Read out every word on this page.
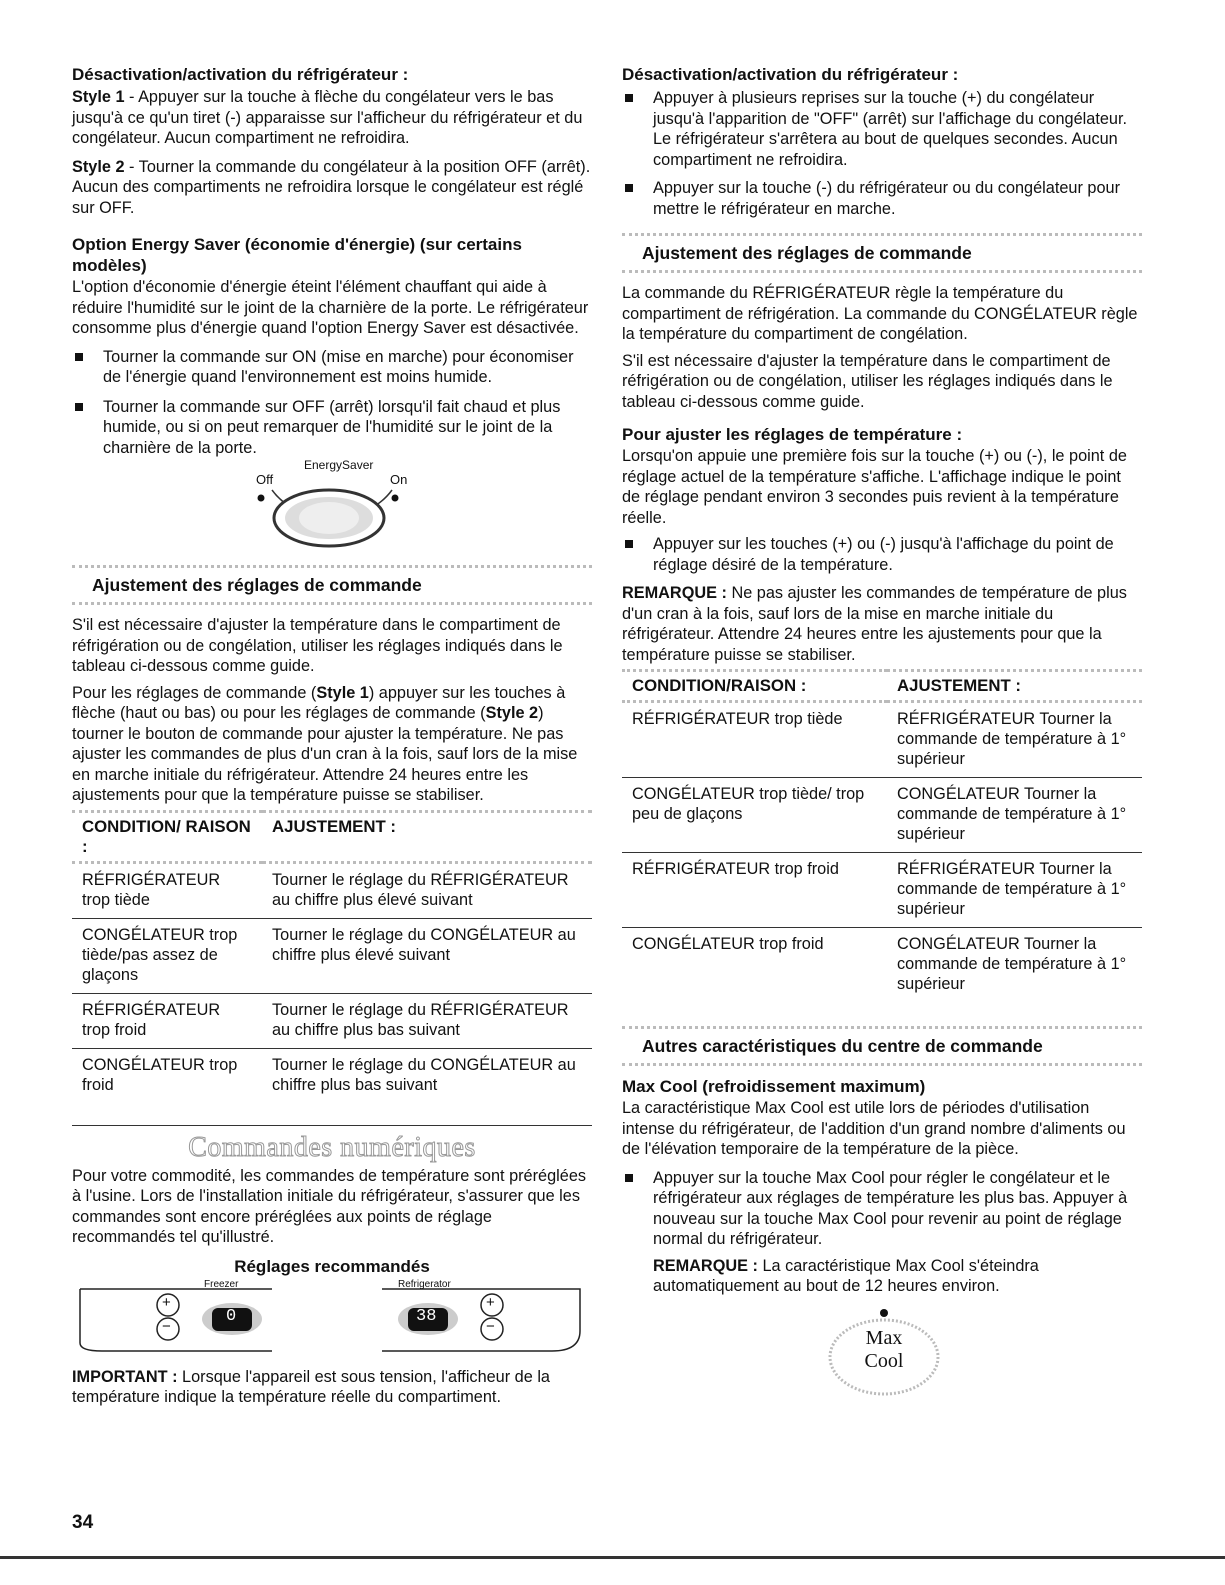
Désactivation/activation du réfrigérateur :

Style 1 - Appuyer sur la touche à flèche du congélateur vers le bas jusqu'à ce qu'un tiret (-) apparaisse sur l'afficheur du réfrigérateur et du congélateur. Aucun compartiment ne refroidira.

Style 2 - Tourner la commande du congélateur à la position OFF (arrêt). Aucun des compartiments ne refroidira lorsque le congélateur est réglé sur OFF.

Option Energy Saver (économie d'énergie) (sur certains modèles)

L'option d'économie d'énergie éteint l'élément chauffant qui aide à réduire l'humidité sur le joint de la charnière de la porte. Le réfrigérateur consomme plus d'énergie quand l'option Energy Saver est désactivée.

Tourner la commande sur ON (mise en marche) pour économiser de l'énergie quand l'environnement est moins humide.
Tourner la commande sur OFF (arrêt) lorsqu'il fait chaud et plus humide, ou si on peut remarquer de l'humidité sur le joint de la charnière de la porte.
EnergySaver
Off	On
Ajustement des réglages de commande

S'il est nécessaire d'ajuster la température dans le compartiment de réfrigération ou de congélation, utiliser les réglages indiqués dans le tableau ci-dessous comme guide.

Pour les réglages de commande (Style 1) appuyer sur les touches à flèche (haut ou bas) ou pour les réglages de commande (Style 2) tourner le bouton de commande pour ajuster la température. Ne pas ajuster les commandes de plus d'un cran à la fois, sauf lors de la mise en marche initiale du réfrigérateur. Attendre 24 heures entre les ajustements pour que la température puisse se stabiliser.

CONDITION/ RAISON :	AJUSTEMENT :
RÉFRIGÉRATEUR trop tiède	Tourner le réglage du RÉFRIGÉRATEUR au chiffre plus élevé suivant
CONGÉLATEUR trop tiède/pas assez de glaçons	Tourner le réglage du CONGÉLATEUR au chiffre plus élevé suivant
RÉFRIGÉRATEUR trop froid	Tourner le réglage du RÉFRIGÉRATEUR au chiffre plus bas suivant
CONGÉLATEUR trop froid	Tourner le réglage du CONGÉLATEUR au chiffre plus bas suivant
Commandes numériques

Pour votre commodité, les commandes de température sont préréglées à l'usine. Lors de l'installation initiale du réfrigérateur, s'assurer que les commandes sont encore préréglées aux points de réglage recommandés tel qu'illustré.

Réglages recommandés

Freezer	Refrigerator
0	38
+
−
+
−

IMPORTANT : Lorsque l'appareil est sous tension, l'afficheur de la température indique la température réelle du compartiment.

Désactivation/activation du réfrigérateur :

Appuyer à plusieurs reprises sur la touche (+) du congélateur jusqu'à l'apparition de "OFF" (arrêt) sur l'affichage du congélateur. Le réfrigérateur s'arrêtera au bout de quelques secondes. Aucun compartiment ne refroidira.
Appuyer sur la touche (-) du réfrigérateur ou du congélateur pour mettre le réfrigérateur en marche.
Ajustement des réglages de commande

La commande du RÉFRIGÉRATEUR règle la température du compartiment de réfrigération. La commande du CONGÉLATEUR règle la température du compartiment de congélation.

S'il est nécessaire d'ajuster la température dans le compartiment de réfrigération ou de congélation, utiliser les réglages indiqués dans le tableau ci-dessous comme guide.

Pour ajuster les réglages de température :

Lorsqu'on appuie une première fois sur la touche (+) ou (-), le point de réglage actuel de la température s'affiche. L'affichage indique le point de réglage pendant environ 3 secondes puis revient à la température réelle.

Appuyer sur les touches (+) ou (-) jusqu'à l'affichage du point de réglage désiré de la température.

REMARQUE : Ne pas ajuster les commandes de température de plus d'un cran à la fois, sauf lors de la mise en marche initiale du réfrigérateur. Attendre 24 heures entre les ajustements pour que la température puisse se stabiliser.

CONDITION/RAISON :	AJUSTEMENT :
RÉFRIGÉRATEUR trop tiède	RÉFRIGÉRATEUR Tourner la commande de température à 1° supérieur
CONGÉLATEUR trop tiède/ trop peu de glaçons	CONGÉLATEUR Tourner la commande de température à 1° supérieur
RÉFRIGÉRATEUR trop froid	RÉFRIGÉRATEUR Tourner la commande de température à 1° supérieur
CONGÉLATEUR trop froid	CONGÉLATEUR Tourner la commande de température à 1° supérieur
Autres caractéristiques du centre de commande

Max Cool (refroidissement maximum)

La caractéristique Max Cool est utile lors de périodes d'utilisation intense du réfrigérateur, de l'addition d'un grand nombre d'aliments ou de l'élévation temporaire de la température de la pièce.

Appuyer sur la touche Max Cool pour régler le congélateur et le réfrigérateur aux réglages de température les plus bas. Appuyer à nouveau sur la touche Max Cool pour revenir au point de réglage normal du réfrigérateur.

REMARQUE : La caractéristique Max Cool s'éteindra automatiquement au bout de 12 heures environ.

Max
Cool
34
